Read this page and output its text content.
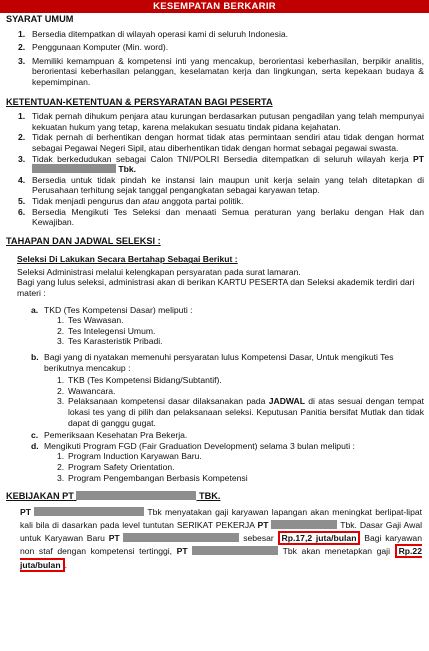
KESEMPATAN BERKARIR

SYARAT UMUM

1. Bersedia ditempatkan di wilayah operasi kami di seluruh Indonesia.
2. Penggunaan Komputer (Min. word).
3. Memiliki kemampuan & kompetensi inti yang mencakup, berorientasi keberhasilan, berpikir analitis, berorientasi keberhasilan pelanggan, keselamatan kerja dan lingkungan, serta kepekaan budaya & kepemimpinan.

KETENTUAN-KETENTUAN & PERSYARATAN BAGI PESERTA

1. Tidak pernah dihukum penjara atau kurungan berdasarkan putusan pengadilan yang telah mempunyai kekuatan hukum yang tetap, karena melakukan sesuatu tindak pidana kejahatan.
2. Tidak pernah di berhentikan dengan hormat tidak atas permintaan sendiri atau tidak dengan hormat sebagai Pegawai Negeri Sipil, atau diberhentikan tidak dengan hormat sebagai pegawai swasta.
3. Tidak berkedudukan sebagai Calon TNI/POLRI Bersedia ditempatkan di seluruh wilayah kerja PT  Tbk.
4. Bersedia untuk tidak pindah ke instansi lain maupun unit kerja selain yang telah ditetapkan di Perusahaan terhitung sejak tanggal pengangkatan sebagai karyawan tetap.
5. Tidak menjadi pengurus dan atau anggota partai politik.
6. Bersedia Mengikuti Tes Seleksi dan menaati Semua peraturan yang berlaku dengan Hak dan Kewajiban.

TAHAPAN DAN JADWAL SELEKSI :

Seleksi Di Lakukan Secara Bertahap Sebagai Berikut :
Seleksi Administrasi melalui kelengkapan persyaratan pada surat lamaran.
Bagi yang lulus seleksi, administrasi akan di berikan KARTU PESERTA dan Seleksi akademik terdiri dari materi :
a. TKD (Tes Kompetensi Dasar) meliputi :
1. Tes Wawasan.
2. Tes Intelegensi Umum.
3. Tes Karasteristik Pribadi.
b. Bagi yang di nyatakan memenuhi persyaratan lulus Kompetensi Dasar, Untuk mengikuti Tes berikutnya mencakup :
1. TKB (Tes Kompetensi Bidang/Subtantif).
2. Wawancara.
3. Pelaksanaan kompetensi dasar dilaksanakan pada JADWAL di atas sesuai dengan tempat lokasi tes yang di pilih dan pelaksanaan seleksi. Keputusan Panitia bersifat Mutlak dan tidak dapat di ganggu gugat.
c. Pemeriksaan Kesehatan Pra Bekerja.
d. Mengikuti Program FGD (Fair Graduation Development) selama 3 bulan meliputi :
1. Program Induction Karyawan Baru.
2. Program Safety Orientation.
3. Program Pengembangan Berbasis Kompetensi

KEBIJAKAN PT	TBK.

PT	Tbk menyatakan gaji karyawan lapangan akan meningkat berlipat-lipat kali bila di dasarkan pada level tuntutan SERIKAT PEKERJA PT	Tbk. Dasar Gaji Awal untuk Karyawan Baru PT	sebesar Rp.17,2 juta/bulan Bagi karyawan non staf dengan kompetensi tertinggi, PT	Tbk akan menetapkan gaji Rp.22 juta/bulan .
